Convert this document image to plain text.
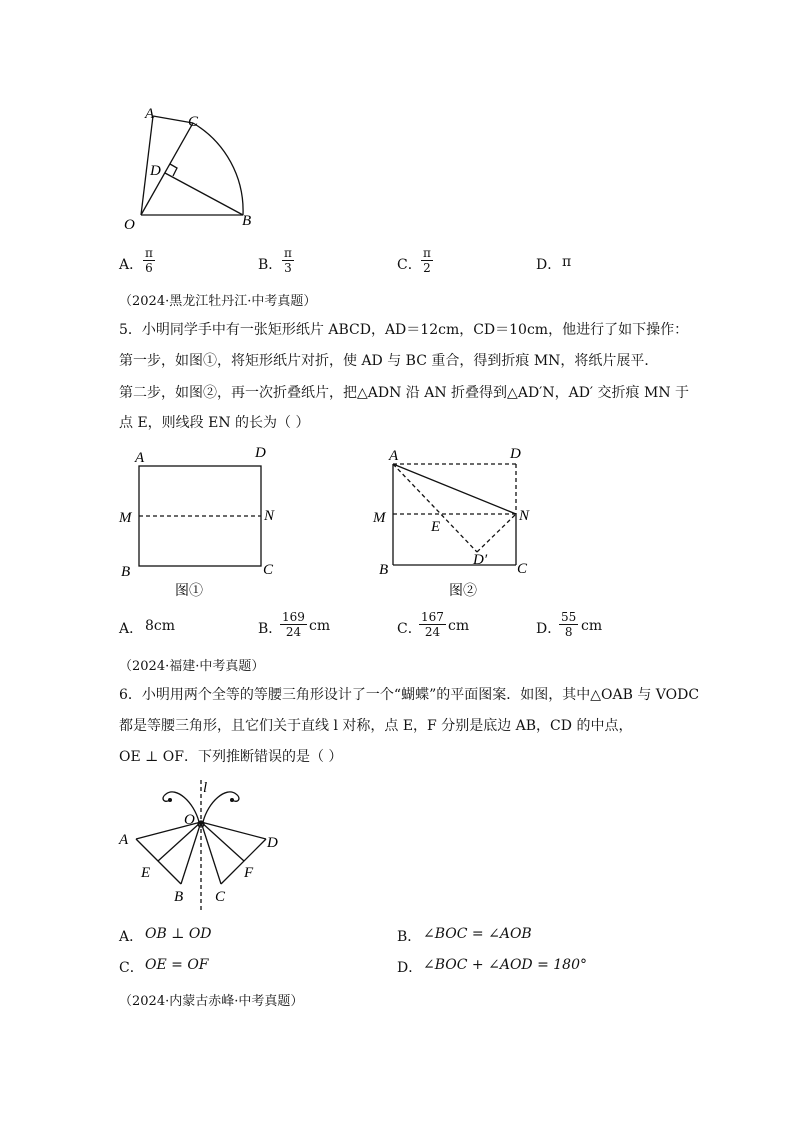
A C
D
O	B
A． $\frac{\pi}{6}$	B． $\frac{\pi}{3}$	C． $\frac{\pi}{2}$	D． π
（2024·黑龙江牡丹江·中考真题）
5．小明同学手中有一张矩形纸片 ABCD，AD＝12cm，CD＝10cm，他进行了如下操作：
第一步，如图①，将矩形纸片对折，使 AD 与 BC 重合，得到折痕 MN，将纸片展平．
第二步，如图②，再一次折叠纸片，把△ADN 沿 AN 折叠得到△AD′N，AD′ 交折痕 MN 于
点 E，则线段 EN 的长为（ ）
A	D
M	N
B	C
图①
A	D
M	N
E
D′
B	C
图②
A． 8cm	B．
$\frac{169}{24}$ cm	C．
$\frac{167}{24}$ cm	D．
$\frac{55}{8}$ cm
（2024·福建·中考真题）
6．小明用两个全等的等腰三角形设计了一个“蝴蝶”的平面图案．如图，其中△OAB 与 VODC
都是等腰三角形，且它们关于直线 l 对称，点 E，F 分别是底边 AB，CD 的中点，
OE ⊥ OF．下列推断错误的是（ ）
l
O
A	D
E	F
B C
A． OB ⊥ OD	B． ∠BOC = ∠AOB
C． OE = OF	D． ∠BOC + ∠AOD = 180°
（2024·内蒙古赤峰·中考真题）
